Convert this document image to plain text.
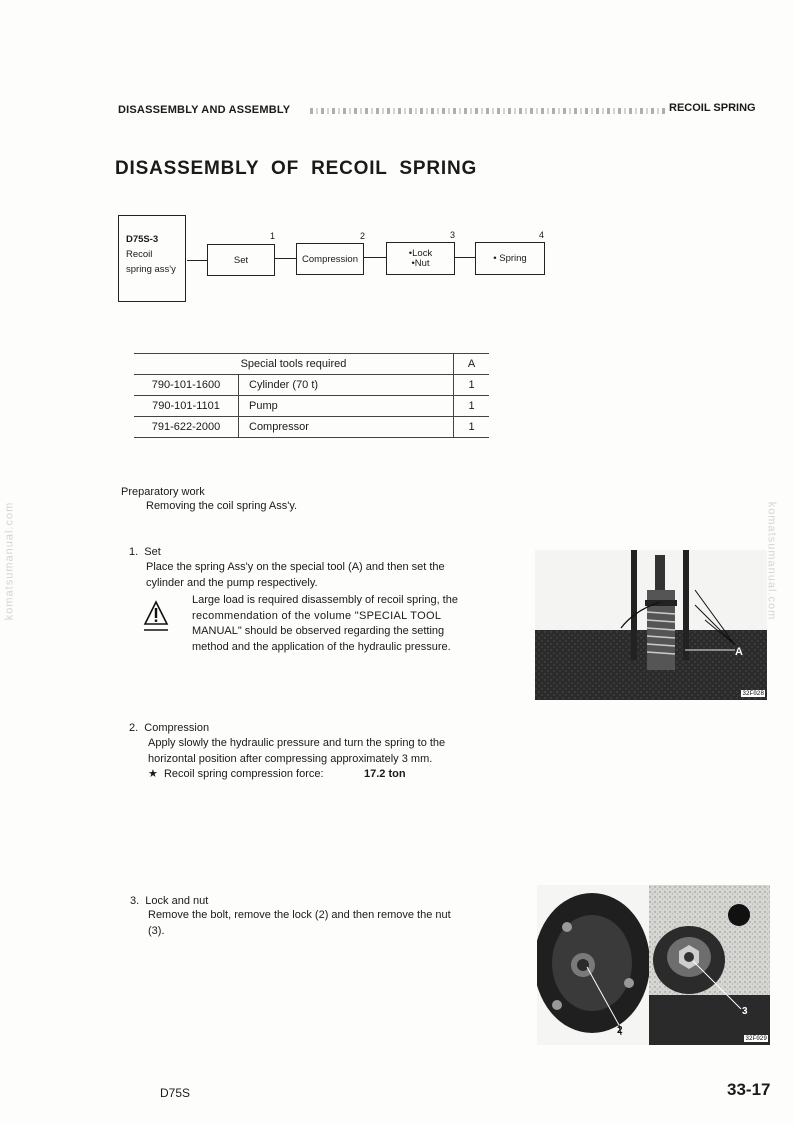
DISASSEMBLY AND ASSEMBLY	RECOIL SPRING
DISASSEMBLY OF RECOIL SPRING
D75S-3
Recoil
spring ass'y
Set
1
Compression
2
•Lock
•Nut
3
• Spring
4
Special tools required		A
790-101-1600	Cylinder (70 t)	1
790-101-1101	Pump	1
791-622-2000	Compressor	1
Preparatory work
Removing the coil spring Ass'y.
1.  Set
Place the spring Ass'y on the special tool (A) and then set the
cylinder and the pump respectively.
Large load is required disassembly of recoil spring, the
recommendation of the volume "SPECIAL TOOL
MANUAL" should be observed regarding the setting
method and the application of the hydraulic pressure.	A
32F028
2.  Compression
Apply slowly the hydraulic pressure and turn the spring to the
horizontal position after compressing approximately 3 mm.
★  Recoil spring compression force:	17.2 ton
3.  Lock and nut
Remove the bolt, remove the lock (2) and then remove the nut
(3).
2
3
32F029
komatsumanual.com	komatsumanual.com
D75S	33-17
